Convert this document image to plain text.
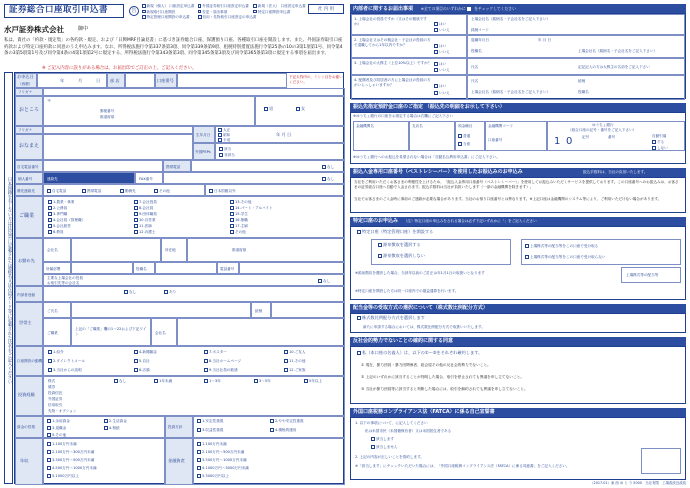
証券総合口座取引申込書	告
新規（個人） 口座設定申込書	外国証券取引口座設定申込書	新規（法人） 口座設定申込書
新規取引口座開設	変更・届出事項	特定口座開設申込書
特定管理口座開設の申込書	信用・先物取引口座設定の申込書
社 内 用
水戸証券株式会社	御中
私は、貴社の「約款・規定集」の各約款・規定、および「日興MRF目論見書」に基づき証券総合口座、保護預り口座、各種取引口座を開設します。また、外国証券取引口座約款および特定口座約款に同意のうえ申込みます。なお、所得税法施行令第337条第3項、同令第339条第9項、租税特別措置法施行令第25条の10の3第1項第1号、同令第4条の3第5項第1号及び同令第4条の4第1項第2号に規定する、所得税法施行令第343条第3項、同令第345条第3項及び同令第365条第3項に規定する事項を届出ます。
※ ご記入内容に誤りがある場合は、お届出印でご訂正の上、ご記入ください。
日本国籍を有しない方は住民票に記載された通称名又は在留カード等に記載された氏名をご記入ください
お申込日
（西暦）
年	月	日 部 店	口座番号
下記太枠内の、ミシン目をお確いください。
フリガナ
おところ
〒
郵便番号
都道府県
男	女
フリガナ
おなまえ
生年月日
大正
昭和
平成
年 月 日
外国PEPs
該当
非該当
自宅電話番号	携帯電話	なし
個人番号	連絡先	FAX番号	なし
優先連絡先	自宅電話	携帯電話	勤務先	その他	日本国籍以外
ご職業
1.農業・林業	7.会社役員	13.その他
2.公務員	8.会社員	14.パート・アルバイト
3.専門職	9.団体職員	15.学生
4.会社員（管理職）	10.自営業	16.無職
5.会社経営	11.医師	17.主婦
6.教員	12.弁護士	その他
お勤め先
会社名	所在地	都道府県
所属部署	役職名	電話番号
主要な上場会社の役員
お取引先等の会社名	なし
内部者登録
なし	あり
世帯主
ご氏名	続柄
ご職業
上記の「ご職業」欄の1～22および下記ワイン	会社名
口座開設の動機
1.紹介
2.ダイレクトメール
3.当社からの説明
4.新聞雑誌
5.自社
6.店頭
7.ポスター
8.当社ホームページ
9.当社社員の勧誘
10.ご友人
11.その他
12.ご家族
投資経験
株式
債券
投資信託
外国証券
信用取引
先物・オプション
なし	1年未満	1～3年	3～5年	5年以上
資金の性格
1.余裕資金	2.生活資金
3.退職金	4.相続
5.その他
投資方針
1.安定性重視	2.やや安定性重視
3.収益性重視	4.積極的運用
年収
1.100万円未満
2.100万円～300万円未満
3.300万円～500万円未満
4.500万円～1000万円未満
5.1000万円以上
金融資産
1.100万円未満
2.100万円～500万円未満
3.500万円～1000万円未満
4.1000万円～3000万円未満
5.3000万円以上
内部者に関するお届出事項 ※全ての項目のいずれかに をチェックしてください
1. 上場会社の役員ですか（又はその親族ですか）	はい
いいえ
上場会社名（銘柄名・子会社名をご記入下さい）
銘柄コード
2. 上場会社又はその親会社・子会社の役員の方で退職してから1年以内ですか？	はい
いいえ
退職年月日	年 月 日
役職名	上場会社名（銘柄名・子会社名をご記入下さい）
3. 上場会社の大株主（上位10%以上）ですか？	はい
いいえ
氏名	記記記入の方は大株主の名前をご記入下さい
4. 配偶者及び同居者の方に上場会社の役員の方がいらっしゃいますか？	はい
いいえ
氏名
上場会社名（銘柄名・子会社名をご記入下さい）
続柄
役職名
振込先指定預貯金口座のご指定 （振込先の明細をお示して下さい）
※ゆうちょ銀行の口座をお指定する場合は右欄にご記入下さい
金融機関名	支店名	預金種目
普通
当座
金融機関コード
口座番号
ゆうちょ銀行
（総合口座の記号・番号をご記入下さい）
1 0	記号	番号	自動引落
する
しない
※ゆうちょ銀行へのお振込を希望されない場合は「自動払込利用申込書」にご記入下さい。
振込入金専用口座番号（ベストレシーバー）を使用したお振込みのお申込み	振込手数料は、当社の負担いたします。
当社をご利用いただくお客さまの利便性を上げるため、「振込入金専用口座番号（ベストレシーバー）」を使用してお振込みいただくサービスを提供しております。この口座番号へのお振込みは、お客さまの証券総合口座へ自動で入金されます。振込手数料は当社が負担いたします（一部の金融機関を除きます）。
当社でお客さまのご入金時に事前のご連絡が必要な場合があります。当社のお預り口座番号とは異なります。※上記口座は金融機関のシステム等により、ご利用いただけない場合があります。
特定口座のお申込み （注）特定口座の申込みをされる場合は必ず下記いずれかに「」をご記入ください
特定口座（特定管理口座）を開設する
源泉徴収を選択する
源泉徴収を選択しない
上場株式等の配当等をこの口座で受け取る
上場株式等の配当等をこの口座で受け取らない
※源泉徴収を選択した場合、当該年以前のご訂正は年1月1日の取扱いとなります	上場株式等の配当等
※特定口座を開設した方は同一口座内での損益通算を行います。
配当金等の受取方式の選択について（株式数比例配分方式）
株式数比例配分方式を選択します
新たに申請する場合においては、株式数比例配分方式で取扱いいたします。
反社会的勢力でないことの確約に関する同意
私（本口座の名義人）は、以下の①～③をそれぞれ確約します。
① 現在、暴力団員・暴力団関係者、総会屋その他の反社会的勢力でないこと。
② 上記のいずれかに該当することが判明した場合、取引を停止されても異議を申し立てないこと。
③ 当社が暴力団員等に該当すると判断した場合には、取引を解約されても異議を申し立てないこと。
外国口座税務コンプライアンス法（FATCA）に係る自己宣誓書
1. 以下の事項について、に記入してください
私は米国市民（米国籍保有者）又は米国居住者である
該当します
該当しません
2. 上記の内容が正しいことを誓約します。
※「該当します」にチェックいただいた場合には、「外国口座税務コンプライアンス法（FATCA）に係る同意書」をご記入ください。
（2017.01）東 西 ゆ と り 5000　当社有限　工場改改良改改
